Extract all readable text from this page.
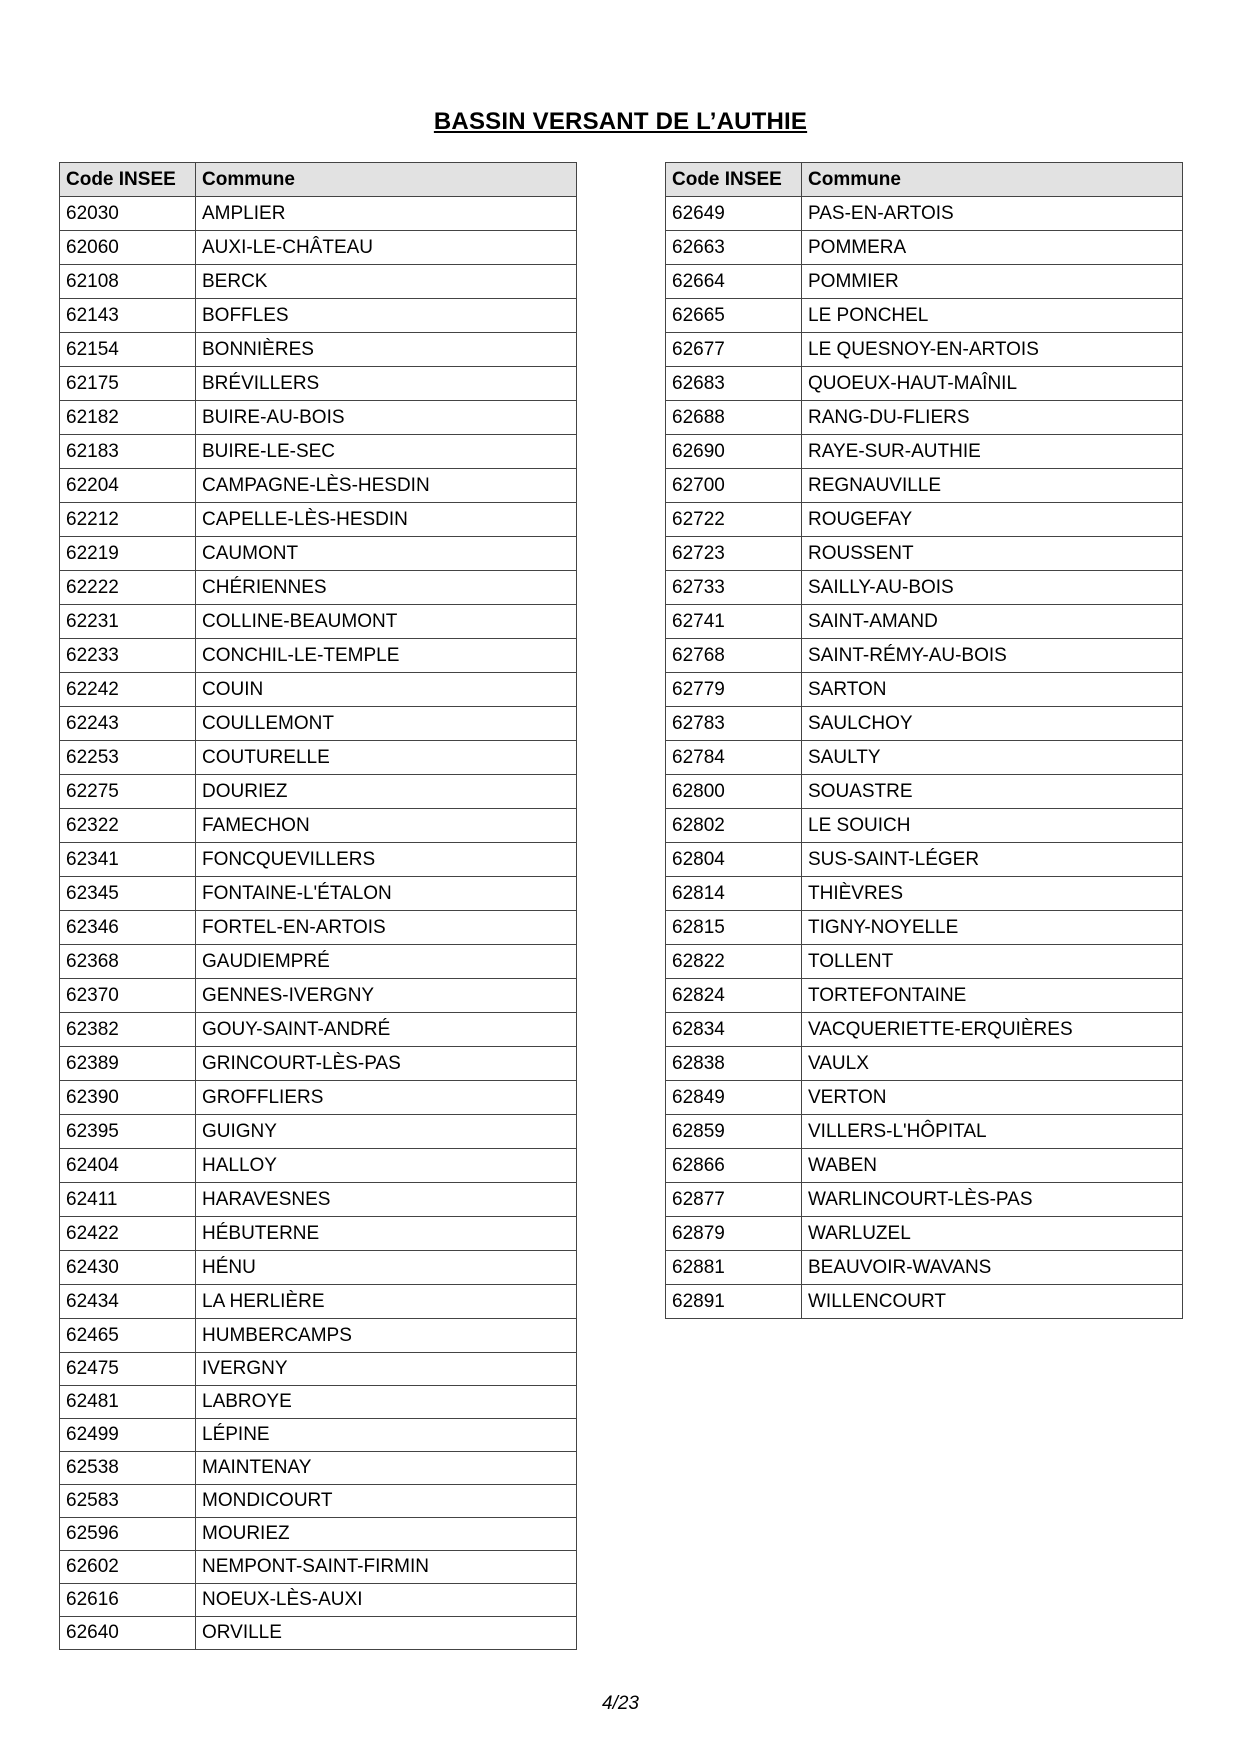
BASSIN VERSANT DE L’AUTHIE
Code INSEE	Commune
62030	AMPLIER
62060	AUXI-LE-CHÂTEAU
62108	BERCK
62143	BOFFLES
62154	BONNIÈRES
62175	BRÉVILLERS
62182	BUIRE-AU-BOIS
62183	BUIRE-LE-SEC
62204	CAMPAGNE-LÈS-HESDIN
62212	CAPELLE-LÈS-HESDIN
62219	CAUMONT
62222	CHÉRIENNES
62231	COLLINE-BEAUMONT
62233	CONCHIL-LE-TEMPLE
62242	COUIN
62243	COULLEMONT
62253	COUTURELLE
62275	DOURIEZ
62322	FAMECHON
62341	FONCQUEVILLERS
62345	FONTAINE-L'ÉTALON
62346	FORTEL-EN-ARTOIS
62368	GAUDIEMPRÉ
62370	GENNES-IVERGNY
62382	GOUY-SAINT-ANDRÉ
62389	GRINCOURT-LÈS-PAS
62390	GROFFLIERS
62395	GUIGNY
62404	HALLOY
62411	HARAVESNES
62422	HÉBUTERNE
62430	HÉNU
62434	LA HERLIÈRE
62465	HUMBERCAMPS
62475	IVERGNY
62481	LABROYE
62499	LÉPINE
62538	MAINTENAY
62583	MONDICOURT
62596	MOURIEZ
62602	NEMPONT-SAINT-FIRMIN
62616	NOEUX-LÈS-AUXI
62640	ORVILLE
Code INSEE	Commune
62649	PAS-EN-ARTOIS
62663	POMMERA
62664	POMMIER
62665	LE PONCHEL
62677	LE QUESNOY-EN-ARTOIS
62683	QUOEUX-HAUT-MAÎNIL
62688	RANG-DU-FLIERS
62690	RAYE-SUR-AUTHIE
62700	REGNAUVILLE
62722	ROUGEFAY
62723	ROUSSENT
62733	SAILLY-AU-BOIS
62741	SAINT-AMAND
62768	SAINT-RÉMY-AU-BOIS
62779	SARTON
62783	SAULCHOY
62784	SAULTY
62800	SOUASTRE
62802	LE SOUICH
62804	SUS-SAINT-LÉGER
62814	THIÈVRES
62815	TIGNY-NOYELLE
62822	TOLLENT
62824	TORTEFONTAINE
62834	VACQUERIETTE-ERQUIÈRES
62838	VAULX
62849	VERTON
62859	VILLERS-L'HÔPITAL
62866	WABEN
62877	WARLINCOURT-LÈS-PAS
62879	WARLUZEL
62881	BEAUVOIR-WAVANS
62891	WILLENCOURT
4/23
